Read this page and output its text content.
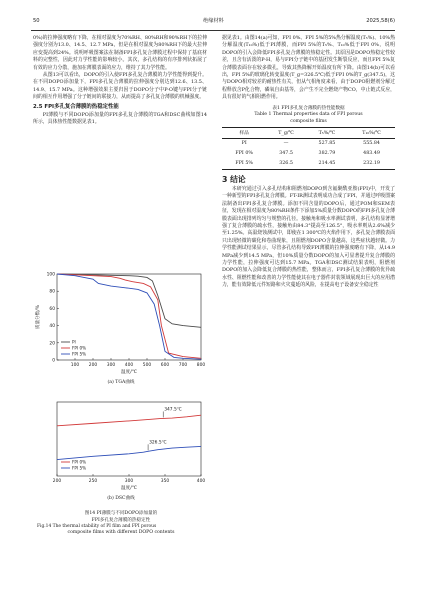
50	绝缘材料	2025,58(6)

0%)的拉伸强度略有下降，在相对湿度为70%RH、80%RH和90%RH下的拉伸强度分别为13.0、14.5、12.7 MPa，但是在相对湿度为80%RH下的最大拉伸应变提高到24%。说明呼吸图案法在制备FPI多孔复合薄膜过程中保持了基底材料的完整性，因此对力学性能的影响较小。其次，多孔结构的有序排列状拓展了有效的应力分散，施加在薄膜表面的应力，维持了其力学性能。

从图13可以看出，DOPO的引入使FPI多孔复合薄膜的力学性能得到提升。在不同DOPO添加量下，FPI多孔复合薄膜的拉伸强度分别达到12.6、13.5、14.9、15.7 MPa。这种增强效果主要归因于DOPO分子中P-O键与FPI分子链间的相互作用增强了分子链间的联接力，从而提高了多孔复合薄膜的机械强度。

2.5 FPI多孔复合薄膜的热稳定性能

PI薄膜与不同DOPO添加量的FPI多孔复合薄膜的TGA和DSC曲线如图14所示，具体热性能数据见表1。

100 200 300 400 500 600 700 800
0
20
40
60
80
100
温度/℃
质量分数/%
PI
FPI 0%
FPI 5%
(a) TGA曲线
200	250	300	350	400
温度/℃
FPI 0%
FPI 5%
347.5℃
326.5℃
(b) DSC曲线
图14 PI薄膜与不同DOPO添加量的
FPI多孔复合薄膜的热稳定性
Fig.14 The thermal stability of PI film and FPI porous
composite films with different DOPO contents

据见表1。由图14(a)可知，FPI 0%、FPI 5%的5%热分解温度(T₅%)、10%热分解温度(T₁₀%)低于PI薄膜，而FPI 5%的T₅%、T₁₀%低于FPI 0%，说明DOPO的引入会降低FPI多孔复合薄膜的热稳定性。其原因是DOPO热稳定性较差，且含有活泼的P-H，易与FPI分子链中的基团发生断裂反应，而且FPI 5%复合薄膜表面存在较多微孔，导致其热降解开始温度有所下降。由图14(b)可以看出，FPI 5%的玻璃化转变温度(T_g=326.5℃)低于FPI 0%的T_g(347.5)，这与DOPO相对较差的耐热性有关，但从气相角度来看，由于DOPO阻燃剂分解过程释放含P化合物，磷氧自由基等，会产生不完全燃烧产物CO，中止链式反应，具有很好的气相阻燃作用。

表1 FPI多孔复合薄膜的热性能数据
Table 1 Thermal properties data of FPI porous
composite films
样品	T_g/℃	T₅%/℃	T₁₀%/℃
PI	—	527.85	555.84
FPI 0%	347.5	382.79	483.49
FPI 5%	326.5	214.45	232.19
3 结论

本研究通过引入多孔结构和阻燃剂DOPO到含氟聚酰亚胺(FPI)中，开发了一种新型的FPI多孔复合薄膜。FT-IR测试表明成功合成了FPI，并通过呼吸图案法制备出FPI多孔复合薄膜。添加不同含量的DOPO后，通过POM和SEM表征，发现在相对湿度为80%RH条件下添加5%质量分数DOPO的FPI多孔复合薄膜表面出现排列均匀与规整的孔径。接触角和吸水率测试表明，多孔结构显著增强了复合薄膜的疏水性，接触角由84.3°提高至126.5°，吸水率则从2.6%减少至1.25%。高温烧蚀测试中，即使在1 300℃的火焰作用下，多孔复合薄膜表面只出现轻微的碳化和卷曲现象，且阻燃剂DOPO含量越高，这些症状越轻微。力学性能测试结果显示，尽管多孔结构导致FPI薄膜的拉伸强度略有下降，从14.9 MPa减少到14.5 MPa，但10%质量分数DOPO的加入可显著提升复合薄膜的力学性能，拉伸强度可达到15.7 MPa。TGA和DSC测试结果表明，阻燃剂DOPO的加入会降低复合薄膜的热性能，整体而言，FPI多孔复合薄膜的优异疏水性、阻燃性能和改善的力学性能使其在电子器件封装领域展现出巨大的应用潜力，能有效降低元件短路和火灾蔓延的风险，在提高电子设备安全稳定性
